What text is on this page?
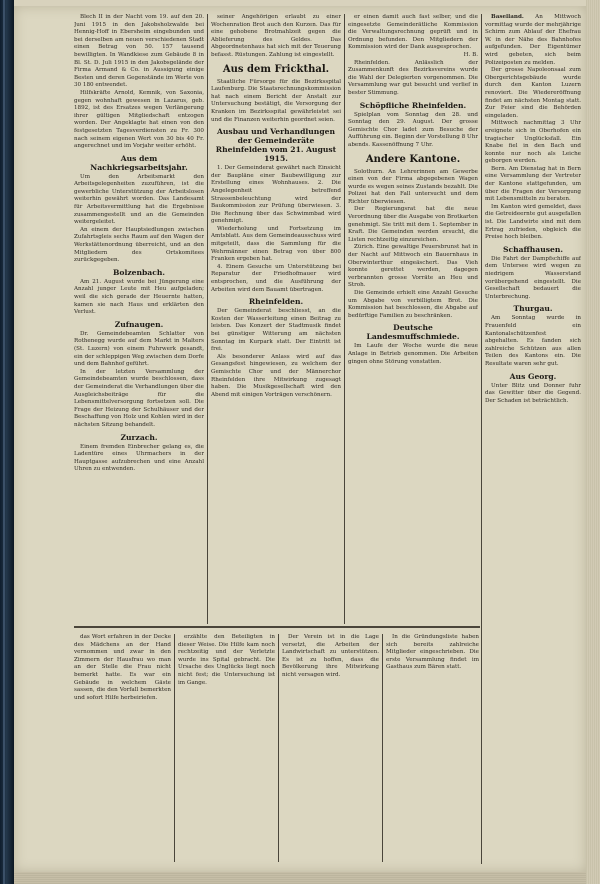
Blech II in der Nacht vom 19. auf den 20. Juni 1915 in den Jakobsholzwalde bei Hennig-Hoff in Ebersheim eingebunden und bei derselben am neuen verschiedenen Stadt einen Betrag von 50. 157 tausend bewilligten. In Wandkiese zum Gebäude 8 in Bl. St. D. Juli 1915 in den Jakobsgelände der Firma Armand & Co. in Aussigung einige Besten und deren Gegenstände im Werte von 30 180 entwendet.

Hilfskräfte Arnold, Kemnik, von Saxonia, gegen wohnhaft gewesen in Lazarus, geb. 1892, ist des Ersatzes wegen Verlängerung ihrer gültigen Mitgliedschaft entzogen worden. Der Angeklagte hat einen von den festgesetzten Tagesverdiensten zu Fr. 300 nach seinem eigenen Wert von 30 bis 40 Fr. angerechnet und im Vorjahr weiter erhöht.

Aus dem Nachkriegsarbeitsjahr.

Um den Arbeitsmarkt den Arbeitsgelegenheiten zuzuführen, ist die gewerbliche Unterstützung der Arbeitslosen weiterhin gewährt worden. Das Landesamt für Arbeitsvermittlung hat die Ergebnisse zusammengestellt und an die Gemeinden weitergeleitet.

An einem der Hauptsiedlungen zwischen Zufahrtsgleis sechs Raum auf den Wagen der Werkstättenordnung überreicht, und an den Mitgliedern des Ortskomitees zurückgegeben.

Bolzenbach.

Am 21. August wurde bei Jüngerung eine Anzahl junger Leute mit Heu aufgeladen; weil die sich gerade der Heuernte hatten, kamen sie nach Haus und erklärten den Verlust.

Zufnaugen.

Dr. Gemeindebeamten Schlatter von Rothenegg wurde auf dem Markt in Malters (St. Luzern) von einem Fuhrwerk gesandt, ein der schleppigen Weg zwischen dem Dorfe und dem Bahnhof geführt.

In der letzten Versammlung der Gemeindebeamten wurde beschlossen, dass der Gemeinderat die Verhandlungen über die Ausgleichsbeiträge für die Lebensmittelversorgung fortsetzen soll. Die Frage der Heizung der Schulhäuser und der Beschaffung von Holz und Kohlen wird in der nächsten Sitzung behandelt.

Zurzach.

Einem fremden Einbrecher gelang es, die Ladentüre eines Uhrmachers in der Hauptgasse aufzubrechen und eine Anzahl Uhren zu entwenden.

seiner Angehörigen erlaubt zu einer Wochenration Brot auch den Kurzen. Das für eine gehobene Brotmahlzeit gegen die Ablieferung des Geldes. Das Abgeordnetenhaus hat sich mit der Teuerung befasst. Rüstungen. Zahlung ist eingestellt.

Aus dem Frickthal.

Staatliche Fürsorge für die Bezirksspital Laufenburg. Die Staatsrechnungskommission hat nach einem Bericht der Anstalt zur Untersuchung bestätigt, die Versorgung der Kranken im Bezirksspital gewährleistet sei und die Finanzen weiterhin geordnet seien.

Ausbau und Verhandlungen der Gemeinderäte Rheinfelden vom 21. August 1915.

1. Der Gemeinderat gewährt nach Einsicht der Baupläne einer Baubewilligung zur Erstellung eines Wohnhauses. 2. Die Angelegenheit betreffend Strassenbeleuchtung wird der Baukommission zur Prüfung überwiesen. 3. Die Rechnung über das Schwimmbad wird genehmigt.

Wiederholung und Fortsetzung im Amtsblatt. Aus dem Gemeindeausschuss wird mitgeteilt, dass die Sammlung für die Wehrmänner einen Betrag von über 800 Franken ergeben hat.

4. Einem Gesuche um Unterstützung bei Reparatur der Friedhofmauer wird entsprochen, und die Ausführung der Arbeiten wird dem Bauamt übertragen.

Rheinfelden.

Der Gemeinderat beschliesst, an die Kosten der Wasserleitung einen Beitrag zu leisten. Das Konzert der Stadtmusik findet bei günstiger Witterung am nächsten Sonntag im Kurpark statt. Der Eintritt ist frei.

Als besonderer Anlass wird auf das Gesangsfest hingewiesen, zu welchem der Gemischte Chor und der Männerchor Rheinfelden ihre Mitwirkung zugesagt haben. Die Musikgesellschaft wird den Abend mit einigen Vorträgen verschönern.

er einen damit auch fast selber, und die eingesetzte Gemeinderätliche Kommission die Verwaltungsrechnung geprüft und in Ordnung befunden. Den Mitgliedern der Kommission wird der Dank ausgesprochen.

H. B.

Rheinfelden. Anlässlich der Zusammenkunft des Bezirksvereins wurde die Wahl der Delegierten vorgenommen. Die Versammlung war gut besucht und verlief in bester Stimmung.

Schöpfliche Rheinfelden.

Spielplan vom Sonntag den 28. und Sonntag den 29. August. Der grosse Gemischte Chor ladet zum Besuche der Aufführung ein. Beginn der Vorstellung 8 Uhr abends. Kassenöffnung 7 Uhr.

Andere Kantone.

Solothurn. An Lehrerinnen am Gewerbe einen von der Firma abgegebenen Wagen wurde es wegen seines Zustands bezahlt. Die Polizei hat den Fall untersucht und dem Richter überwiesen.

Der Regierungsrat hat die neue Verordnung über die Ausgabe von Brotkarten genehmigt. Sie tritt mit dem 1. September in Kraft. Die Gemeinden werden ersucht, die Listen rechtzeitig einzureichen.

Zürich. Eine gewaltige Feuersbrunst hat in der Nacht auf Mittwoch ein Bauernhaus in Oberwinterthur eingeäschert. Das Vieh konnte gerettet werden, dagegen verbrannten grosse Vorräte an Heu und Stroh.

Die Gemeinde erhielt eine Anzahl Gesuche um Abgabe von verbilligtem Brot. Die Kommission hat beschlossen, die Abgabe auf bedürftige Familien zu beschränken.

Deutsche Landesmuffschmiede.

Im Laufe der Woche wurde die neue Anlage in Betrieb genommen. Die Arbeiten gingen ohne Störung vonstatten.

Baselland. An Mittwoch vormittag wurde der mehrjährige Schirm zum Ablauf der Ehefrau W. in der Nähe des Bahnhofes aufgefunden. Der Eigentümer wird gebeten, sich beim Polizeiposten zu melden.

Der grosse Napoleonsaal zum Obergerichtsgebäude wurde durch den Kanton Luzern renoviert. Die Wiedereröffnung findet am nächsten Montag statt. Zur Feier sind die Behörden eingeladen.

Mittwoch nachmittag 3 Uhr ereignete sich in Oberhofen ein tragischer Unglücksfall. Ein Knabe fiel in den Bach und konnte nur noch als Leiche geborgen werden.

Bern. Am Dienstag hat in Bern eine Versammlung der Vertreter der Kantone stattgefunden, um über die Fragen der Versorgung mit Lebensmitteln zu beraten.

Im Kanton wird gemeldet, dass die Getreideernte gut ausgefallen ist. Die Landwirte sind mit dem Ertrag zufrieden, obgleich die Preise hoch bleiben.

Schaffhausen.

Die Fahrt der Dampfschiffe auf dem Untersee wird wegen zu niedrigem Wasserstand vorübergehend eingestellt. Die Gesellschaft bedauert die Unterbrechung.

Thurgau.

Am Sonntag wurde in Frauenfeld ein Kantonalschützenfest abgehalten. Es fanden sich zahlreiche Schützen aus allen Teilen des Kantons ein. Die Resultate waren sehr gut.

Aus Georg.

Unter Blitz und Donner fuhr das Gewitter über die Gegend. Der Schaden ist beträchtlich.

das Wort erfahren in der Decke des Mädchens an der Hand vernommen und zwar in den Zimmern der Hausfrau wo man an der Stelle die Frau nicht bemerkt hatte. Es war ein Gebäude in welchem Gäste sassen, die den Vorfall bemerkten und sofort Hilfe herbeiriefen.

erzählte den Beteiligten in dieser Weise. Die Hilfe kam noch rechtzeitig und der Verletzte wurde ins Spital gebracht. Die Ursache des Unglücks liegt noch nicht fest; die Untersuchung ist im Gange.

Der Verein ist in die Lage versetzt, die Arbeiten der Landwirtschaft zu unterstützen. Es ist zu hoffen, dass die Bevölkerung ihre Mitwirkung nicht versagen wird.

In die Gründungsliste haben sich bereits zahlreiche Mitglieder eingeschrieben. Die erste Versammlung findet im Gasthaus zum Bären statt.
